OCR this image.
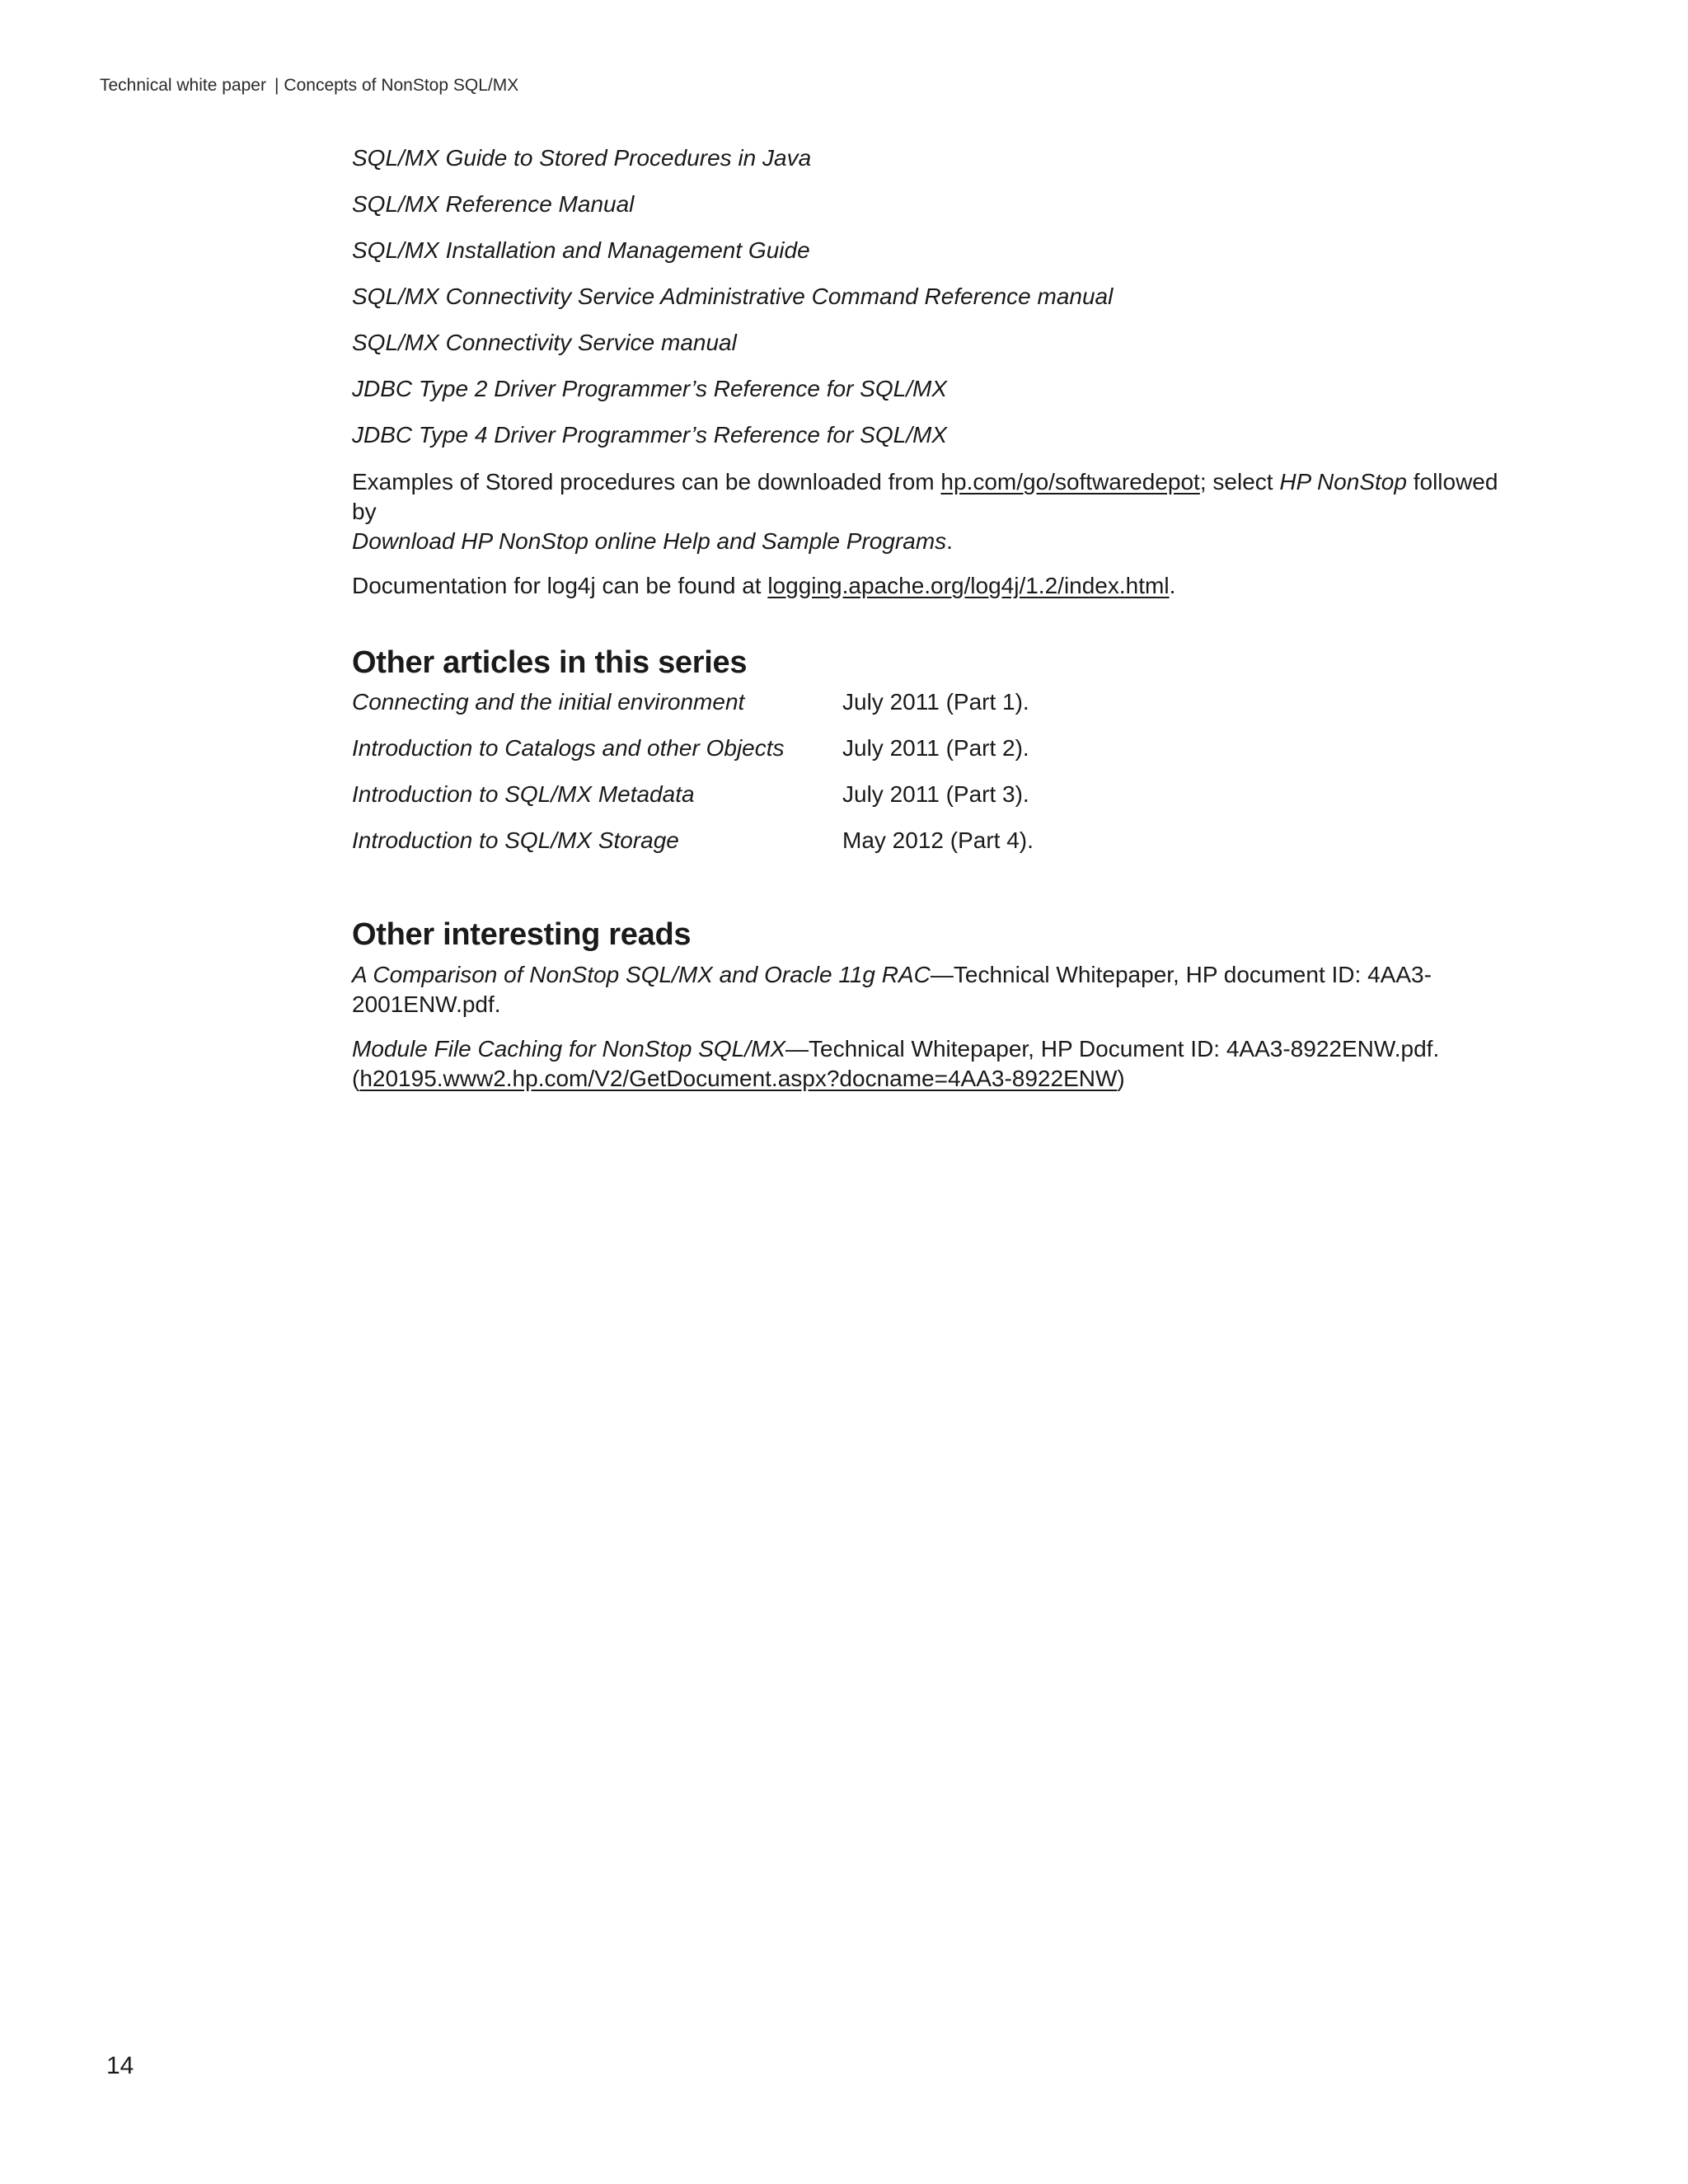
Technical white paper | Concepts of NonStop SQL/MX
SQL/MX Guide to Stored Procedures in Java
SQL/MX Reference Manual
SQL/MX Installation and Management Guide
SQL/MX Connectivity Service Administrative Command Reference manual
SQL/MX Connectivity Service manual
JDBC Type 2 Driver Programmer’s Reference for SQL/MX
JDBC Type 4 Driver Programmer’s Reference for SQL/MX

Examples of Stored procedures can be downloaded from hp.com/go/softwaredepot; select HP NonStop followed by
Download HP NonStop online Help and Sample Programs.

Documentation for log4j can be found at logging.apache.org/log4j/1.2/index.html.

Other articles in this series
Connecting and the initial environment	July 2011 (Part 1).
Introduction to Catalogs and other Objects	July 2011 (Part 2).
Introduction to SQL/MX Metadata	July 2011 (Part 3).
Introduction to SQL/MX Storage	May 2012 (Part 4).
Other interesting reads

A Comparison of NonStop SQL/MX and Oracle 11g RAC—Technical Whitepaper, HP document ID: 4AA3-2001ENW.pdf.

Module File Caching for NonStop SQL/MX—Technical Whitepaper, HP Document ID: 4AA3-8922ENW.pdf.
(h20195.www2.hp.com/V2/GetDocument.aspx?docname=4AA3-8922ENW)

14
